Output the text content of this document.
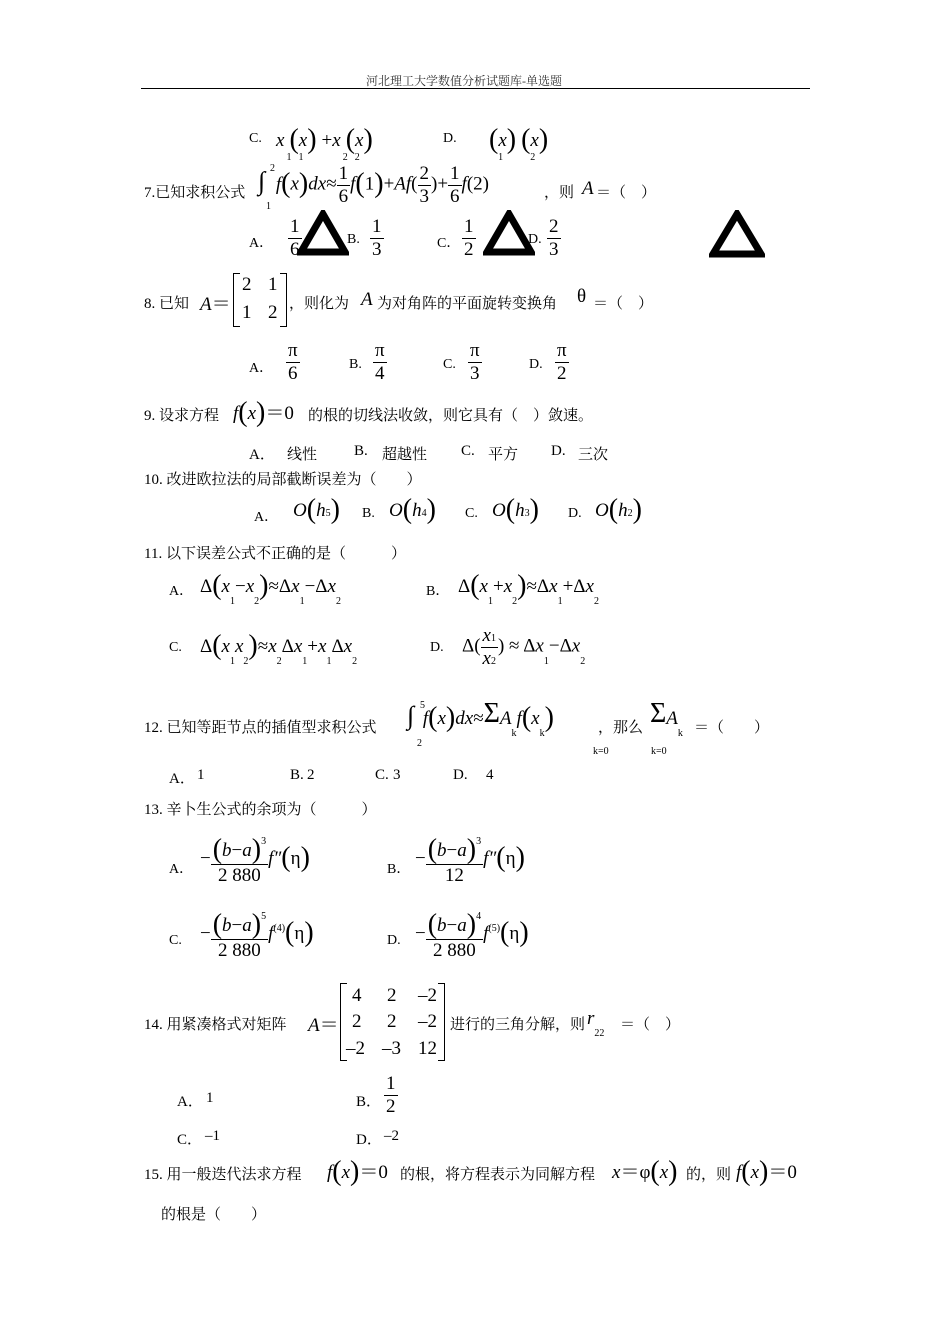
河北理工大学数值分析试题库-单选题
C. $x_1(x)_1+x_2(x)_2$
D. $(x)_1(x)_2$
7.已知求积公式 ∫ 2
1
$f(x)dx\approx \frac{1}{6} f(1)+Af( \frac{2}{3}$ )+ $\frac{1}{6} f(2)$	，则 A ＝（　）
A． $\frac{1}{6}$	B. $\frac{1}{3}$	C． $\frac{1}{2}$	D. $\frac{2}{3}$
8. 已知 A＝
2 1
1 2 ，则化为 A 为对角阵的平面旋转变换角 θ ＝（　）
A． $\frac{\pi}{6}$	B. $\frac{\pi}{4}$	C. $\frac{\pi}{3}$	D. $\frac{\pi}{2}$
9. 设求方程 f(x)＝0 的根的切线法收敛，则它具有（　）敛速。
A． 线性 B. 超越性 C. 平方 D. 三次
10. 改进欧拉法的局部截断误差为（　　）
A． O(h5) B. O(h4) C. O(h3) D. O(h2)
11. 以下误差公式不正确的是（　　　）
A． $\Delta(x_1-x_2)\approx\Delta x_1-\Delta x_2$
B． $\Delta(x_1+x_2)\approx\Delta x_1+\Delta x_2$
C. $\Delta(x_1x_2)\approx x_2\Delta x_1+x_1\Delta x_2$
D. $\Delta( \frac{x1}{x2}$ ) ≈ $\Delta x_1-\Delta x_2$
12. 已知等距节点的插值型求积公式 ∫ 5
2
f(x)dx≈Σ
k=0
$A_kf(x_k)$	，那么 Σ
k=0
$A_k$ ＝（　　）
A． 1	B. 2	C. 3	D. 4
13. 辛卜生公式的余项为（　　　）
A．
− $\frac{(b-a)^3}{2 880} f''(\eta)$	B．
− $\frac{(b-a)^3}{12} f''(\eta)$
C. − $\frac{(b-a)^5}{2 880} f^{(4)}(\eta)$	D. − $\frac{(b-a)^4}{2 880} f^{(5)}(\eta)$
14. 用紧凑格式对矩阵 A＝
4 2 –2
2 2 –2
–2 –3 12
进行的三角分解，则 $r_{22}$
＝（　）
A． 1	B． $\frac{1}{2}$
C． –1	D． –2
15. 用一般迭代法求方程 f(x)＝0 的根，将方程表示为同解方程 x＝φ(x) 的，则 f(x)＝0
的根是（　　）
